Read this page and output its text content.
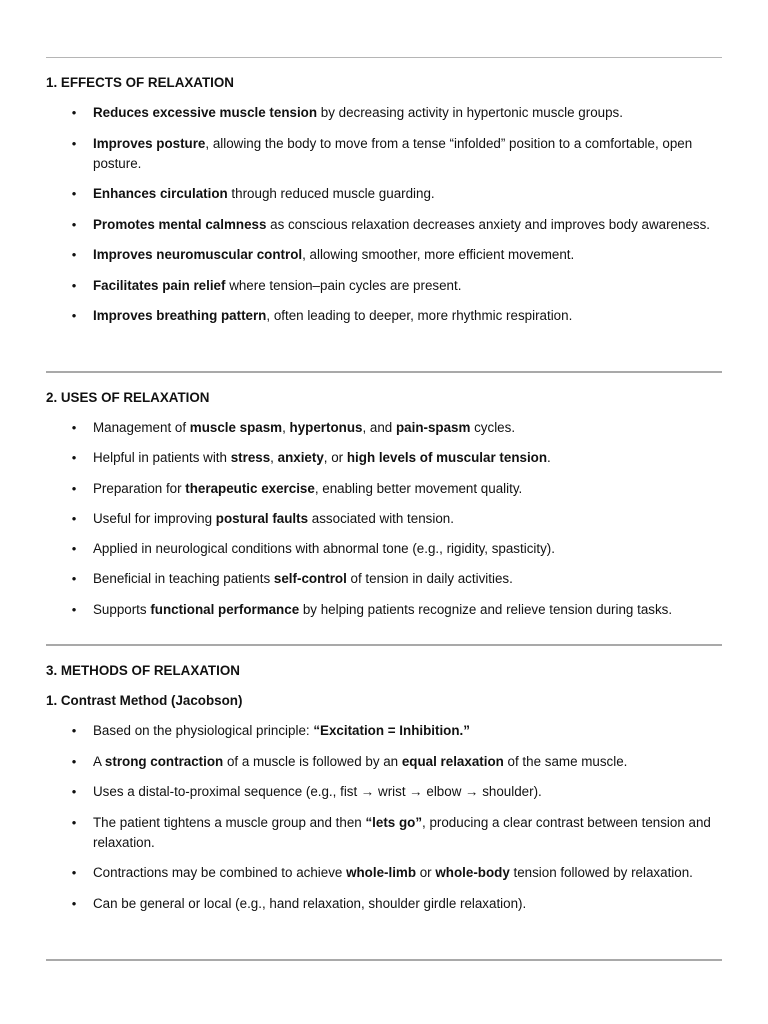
1. EFFECTS OF RELAXATION

• Reduces excessive muscle tension by decreasing activity in hypertonic muscle groups.
• Improves posture, allowing the body to move from a tense “infolded” position to a comfortable, open posture.
• Enhances circulation through reduced muscle guarding.
• Promotes mental calmness as conscious relaxation decreases anxiety and improves body awareness.
• Improves neuromuscular control, allowing smoother, more efficient movement.
• Facilitates pain relief where tension–pain cycles are present.
• Improves breathing pattern, often leading to deeper, more rhythmic respiration.

2. USES OF RELAXATION

• Management of muscle spasm, hypertonus, and pain-spasm cycles.
• Helpful in patients with stress, anxiety, or high levels of muscular tension.
• Preparation for therapeutic exercise, enabling better movement quality.
• Useful for improving postural faults associated with tension.
• Applied in neurological conditions with abnormal tone (e.g., rigidity, spasticity).
• Beneficial in teaching patients self-control of tension in daily activities.
• Supports functional performance by helping patients recognize and relieve tension during tasks.

3. METHODS OF RELAXATION

1. Contrast Method (Jacobson)

• Based on the physiological principle: “Excitation = Inhibition.”
• A strong contraction of a muscle is followed by an equal relaxation of the same muscle.
• Uses a distal-to-proximal sequence (e.g., fist → wrist → elbow → shoulder).
• The patient tightens a muscle group and then “lets go”, producing a clear contrast between tension and relaxation.
• Contractions may be combined to achieve whole-limb or whole-body tension followed by relaxation.
• Can be general or local (e.g., hand relaxation, shoulder girdle relaxation).
